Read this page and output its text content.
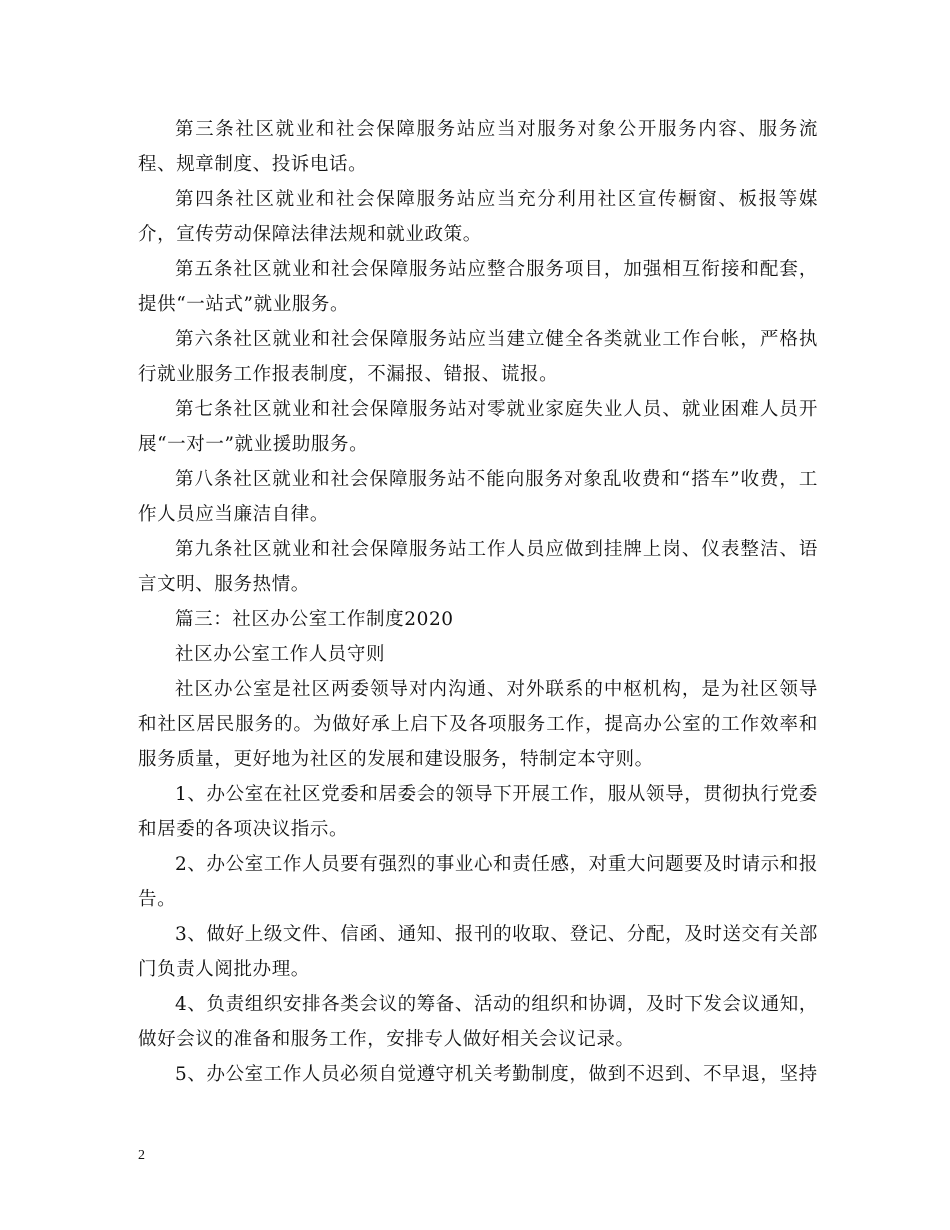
第三条社区就业和社会保障服务站应当对服务对象公开服务内容、服务流程、规章制度、投诉电话。

第四条社区就业和社会保障服务站应当充分利用社区宣传橱窗、板报等媒介，宣传劳动保障法律法规和就业政策。

第五条社区就业和社会保障服务站应整合服务项目，加强相互衔接和配套，提供“一站式”就业服务。

第六条社区就业和社会保障服务站应当建立健全各类就业工作台帐，严格执行就业服务工作报表制度，不漏报、错报、谎报。

第七条社区就业和社会保障服务站对零就业家庭失业人员、就业困难人员开展“一对一”就业援助服务。

第八条社区就业和社会保障服务站不能向服务对象乱收费和“搭车”收费，工作人员应当廉洁自律。

第九条社区就业和社会保障服务站工作人员应做到挂牌上岗、仪表整洁、语言文明、服务热情。

篇三：社区办公室工作制度2020

社区办公室工作人员守则

社区办公室是社区两委领导对内沟通、对外联系的中枢机构，是为社区领导和社区居民服务的。为做好承上启下及各项服务工作，提高办公室的工作效率和服务质量，更好地为社区的发展和建设服务，特制定本守则。

1、办公室在社区党委和居委会的领导下开展工作，服从领导，贯彻执行党委和居委的各项决议指示。

2、办公室工作人员要有强烈的事业心和责任感，对重大问题要及时请示和报告。

3、做好上级文件、信函、通知、报刊的收取、登记、分配，及时送交有关部门负责人阅批办理。

4、负责组织安排各类会议的筹备、活动的组织和协调，及时下发会议通知，做好会议的准备和服务工作，安排专人做好相关会议记录。

5、办公室工作人员必须自觉遵守机关考勤制度，做到不迟到、不早退，坚持

2
